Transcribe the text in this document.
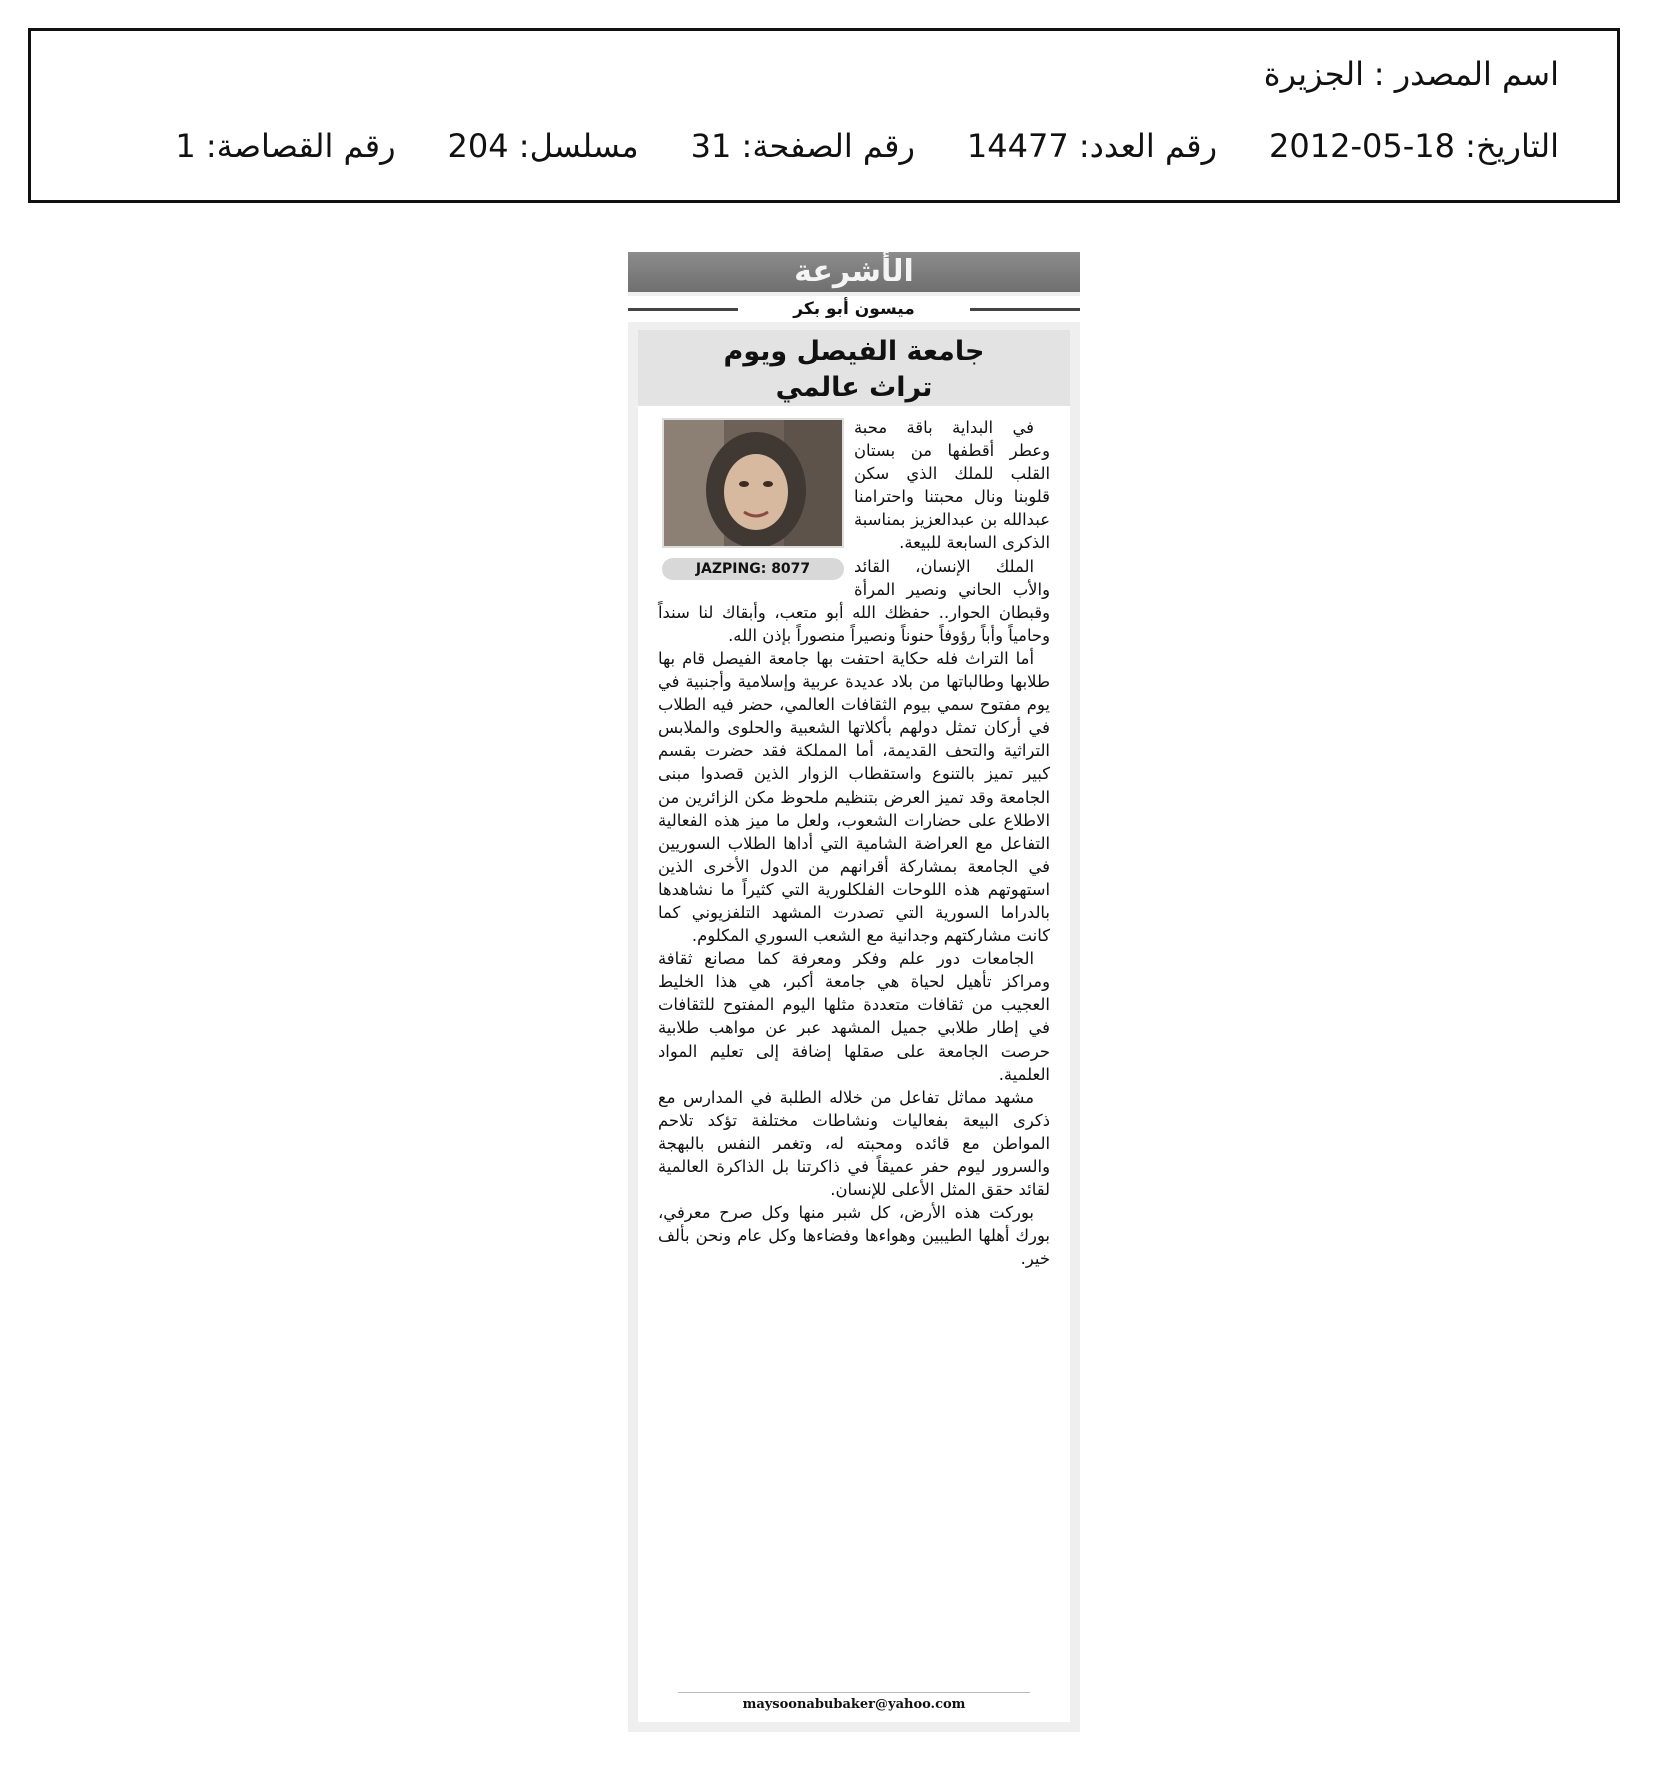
اسم المصدر :
الجزيرة
التاريخ: 18-05-2012
رقم العدد: 14477
رقم الصفحة: 31
مسلسل: 204
رقم القصاصة: 1
الأشرعة
ميسون أبو بكر
جامعة الفيصل ويوم
تراث عالمي
JAZPING: 8077

في البداية باقة محبة وعطر أقطفها من بستان القلب للملك الذي سكن قلوبنا ونال محبتنا واحترامنا عبدالله بن عبدالعزيز بمناسبة الذكرى السابعة للبيعة.

الملك الإنسان، القائد والأب الحاني ونصير المرأة وقبطان الحوار.. حفظك الله أبو متعب، وأبقاك لنا سنداً وحامياً وأباً رؤوفاً حنوناً ونصيراً منصوراً بإذن الله.

أما التراث فله حكاية احتفت بها جامعة الفيصل قام بها طلابها وطالباتها من بلاد عديدة عربية وإسلامية وأجنبية في يوم مفتوح سمي بيوم الثقافات العالمي، حضر فيه الطلاب في أركان تمثل دولهم بأكلاتها الشعبية والحلوى والملابس التراثية والتحف القديمة، أما المملكة فقد حضرت بقسم كبير تميز بالتنوع واستقطاب الزوار الذين قصدوا مبنى الجامعة وقد تميز العرض بتنظيم ملحوظ مكن الزائرين من الاطلاع على حضارات الشعوب، ولعل ما ميز هذه الفعالية التفاعل مع العراضة الشامية التي أداها الطلاب السوريين في الجامعة بمشاركة أقرانهم من الدول الأخرى الذين استهوتهم هذه اللوحات الفلكلورية التي كثيراً ما نشاهدها بالدراما السورية التي تصدرت المشهد التلفزيوني كما كانت مشاركتهم وجدانية مع الشعب السوري المكلوم.

الجامعات دور علم وفكر ومعرفة كما مصانع ثقافة ومراكز تأهيل لحياة هي جامعة أكبر، هي هذا الخليط العجيب من ثقافات متعددة مثلها اليوم المفتوح للثقافات في إطار طلابي جميل المشهد عبر عن مواهب طلابية حرصت الجامعة على صقلها إضافة إلى تعليم المواد العلمية.

مشهد مماثل تفاعل من خلاله الطلبة في المدارس مع ذكرى البيعة بفعاليات ونشاطات مختلفة تؤكد تلاحم المواطن مع قائده ومحبته له، وتغمر النفس بالبهجة والسرور ليوم حفر عميقاً في ذاكرتنا بل الذاكرة العالمية لقائد حقق المثل الأعلى للإنسان.

بوركت هذه الأرض، كل شبر منها وكل صرح معرفي، بورك أهلها الطيبين وهواءها وفضاءها وكل عام ونحن بألف خير.

maysoonabubaker@yahoo.com
